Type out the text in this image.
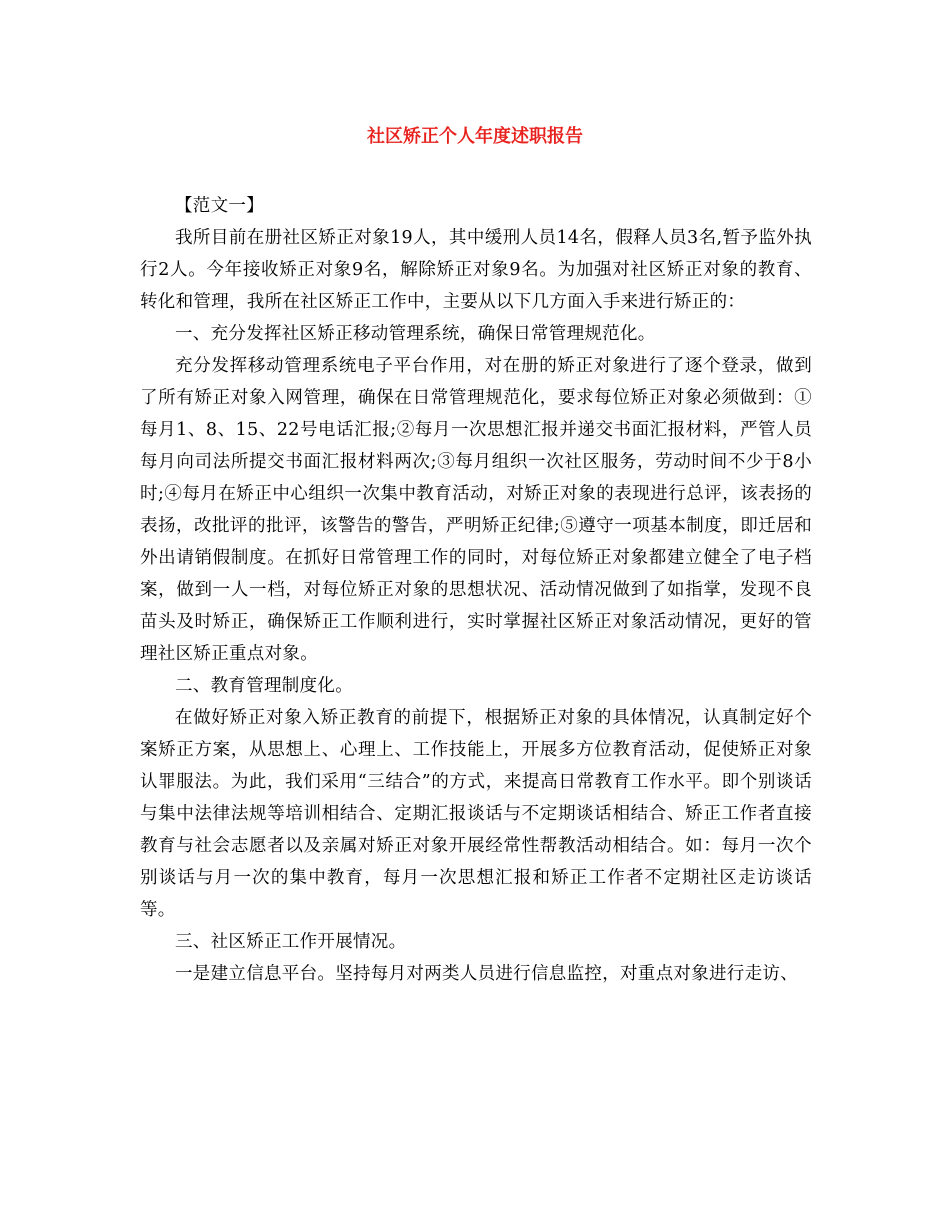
社区矫正个人年度述职报告

【范文一】

我所目前在册社区矫正对象19人，其中缓刑人员14名，假释人员3名,暂予监外执行2人。今年接收矫正对象9名，解除矫正对象9名。为加强对社区矫正对象的教育、转化和管理，我所在社区矫正工作中，主要从以下几方面入手来进行矫正的：

一、充分发挥社区矫正移动管理系统，确保日常管理规范化。

充分发挥移动管理系统电子平台作用，对在册的矫正对象进行了逐个登录，做到了所有矫正对象入网管理，确保在日常管理规范化，要求每位矫正对象必须做到：①每月1、8、15、22号电话汇报;②每月一次思想汇报并递交书面汇报材料，严管人员每月向司法所提交书面汇报材料两次;③每月组织一次社区服务，劳动时间不少于8小时;④每月在矫正中心组织一次集中教育活动，对矫正对象的表现进行总评，该表扬的表扬，改批评的批评，该警告的警告，严明矫正纪律;⑤遵守一项基本制度，即迁居和外出请销假制度。在抓好日常管理工作的同时，对每位矫正对象都建立健全了电子档案，做到一人一档，对每位矫正对象的思想状况、活动情况做到了如指掌，发现不良苗头及时矫正，确保矫正工作顺利进行，实时掌握社区矫正对象活动情况，更好的管理社区矫正重点对象。

二、教育管理制度化。

在做好矫正对象入矫正教育的前提下，根据矫正对象的具体情况，认真制定好个案矫正方案，从思想上、心理上、工作技能上，开展多方位教育活动，促使矫正对象认罪服法。为此，我们采用“三结合”的方式，来提高日常教育工作水平。即个别谈话与集中法律法规等培训相结合、定期汇报谈话与不定期谈话相结合、矫正工作者直接教育与社会志愿者以及亲属对矫正对象开展经常性帮教活动相结合。如：每月一次个别谈话与月一次的集中教育，每月一次思想汇报和矫正工作者不定期社区走访谈话等。

三、社区矫正工作开展情况。

一是建立信息平台。坚持每月对两类人员进行信息监控，对重点对象进行走访、
